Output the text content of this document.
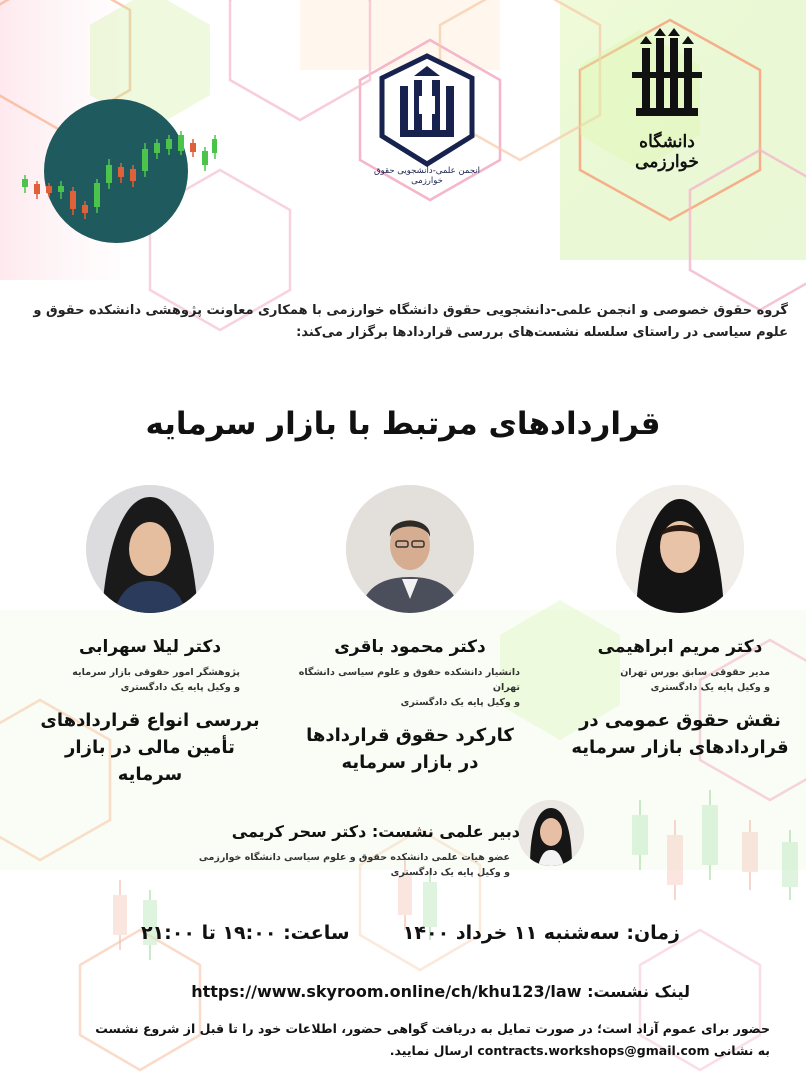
انجمن علمی-دانشجویی حقوق خوارزمی
دانشگاه خوارزمی
گروه حقوق خصوصی و انجمن علمی-دانشجویی حقوق دانشگاه خوارزمی با همکاری معاونت پژوهشی دانشکده حقوق و علوم سیاسی در راستای سلسله نشست‌های بررسی قراردادها برگزار می‌کند:
قراردادهای مرتبط با بازار سرمایه
دکتر مریم ابراهیمی
مدیر حقوقی سابق بورس تهران
و وکیل پایه یک دادگستری
نقش حقوق عمومی در
قراردادهای بازار سرمایه
دکتر محمود باقری
دانشیار دانشکده حقوق و علوم سیاسی دانشگاه تهران
و وکیل پایه یک دادگستری
کارکرد حقوق قراردادها
در بازار سرمایه
دکتر لیلا سهرابی
پژوهشگر امور حقوقی بازار سرمایه
و وکیل پایه یک دادگستری
بررسی انواع قراردادهای
تأمین مالی در بازار سرمایه
دبیر علمی نشست: دکتر سحر کریمی
عضو هیات علمی دانشکده حقوق و علوم سیاسی دانشگاه خوارزمی
و وکیل پایه یک دادگستری
زمان: سه‌شنبه ۱۱ خرداد ۱۴۰۰  ساعت: ۱۹:۰۰ تا ۲۱:۰۰
لینک نشست: https://www.skyroom.online/ch/khu123/law
حضور برای عموم آزاد است؛ در صورت تمایل به دریافت گواهی حضور، اطلاعات خود را تا قبل از شروع نشست
به نشانی contracts.workshops@gmail.com ارسال نمایید.
